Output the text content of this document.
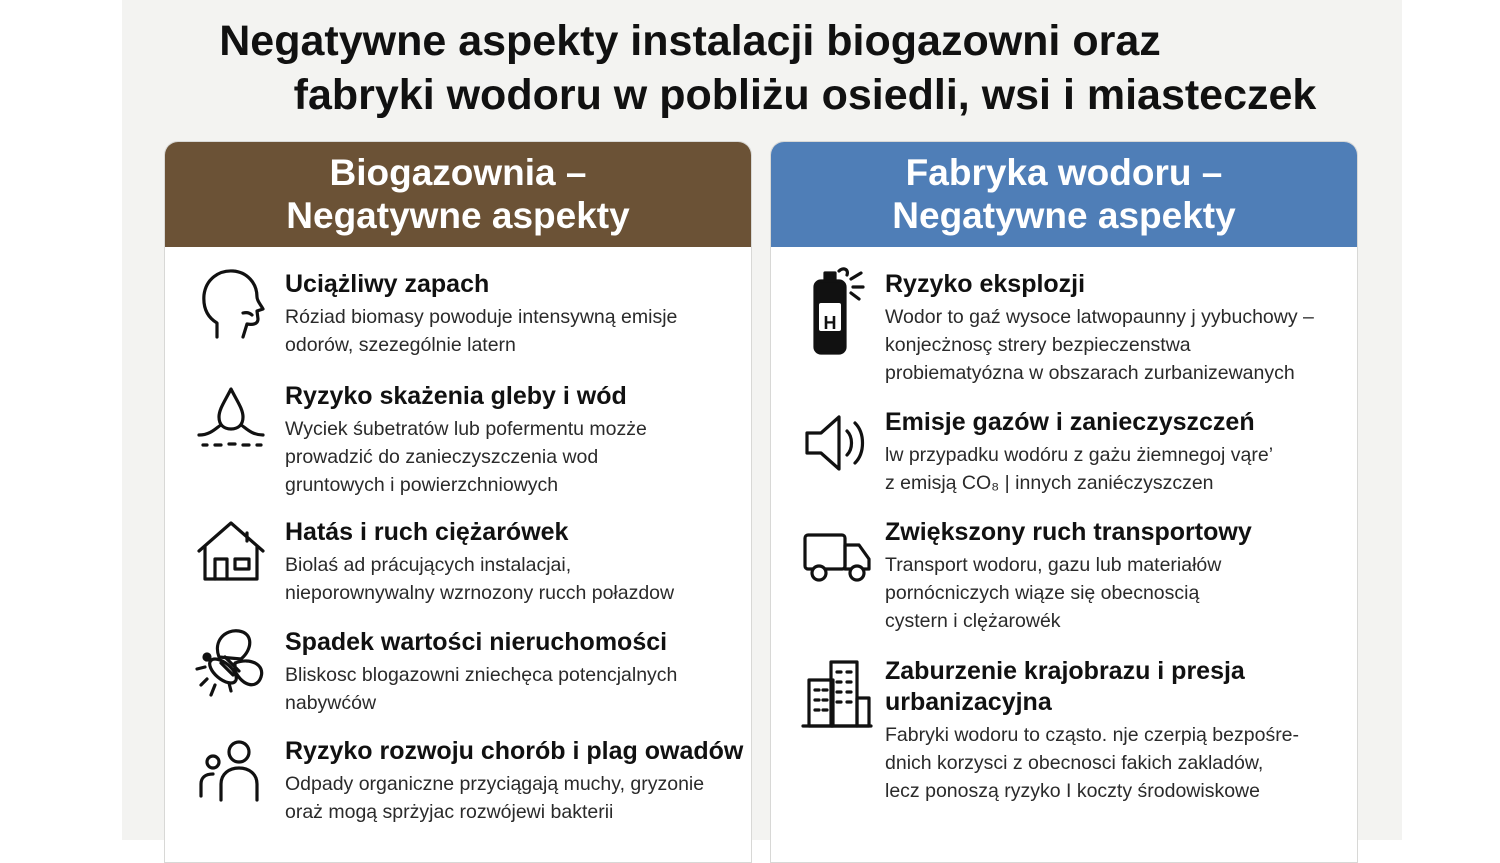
Negatywne aspekty instalacji biogazowni oraz
fabryki wodoru w pobliżu osiedli, wsi i miasteczek
Biogazownia –
Negatywne aspekty
Uciążliwy zapach
Róziad biomasy powoduje intensywną emisje
odorów, szezególnie latern
Ryzyko skażenia gleby i wód
Wyciek śubetratów lub pofermentu mozże
prowadzić do zanieczyszczenia wod
gruntowych i powierzchniowych
Hatás i ruch ciężarówek
Biolaś ad prácujących instalacjai,
nieporownywalny wzrnozony rucch połazdow
Spadek wartości nieruchomości
Bliskosc blogazowni zniechęca potencjalnych
nabywćów
Ryzyko rozwoju chorób i plag owadów
Odpady organiczne przyciągają muchy, gryzonie
oraż mogą sprżyjac rozwójewi bakterii
Fabryka wodoru –
Negatywne aspekty
H
Ryzyko eksplozji
Wodor to gaź wysoce latwopaunny j yybuchowy –
konjecżnosç strery bezpieczenstwa
probiematyózna w obszarach zurbanizewanych
Emisje gazów i zanieczyszczeń
lw przypadku wodóru z gażu żiemnegoj vąre’
z emisją CO₈ | innych zaniéczyszczen
Zwiększony ruch transportowy
Transport wodoru, gazu lub materiałów
pornócniczych wiąze się obecnoscią
cystern i clężarowék
Zaburzenie krajobrazu i presja
urbanizacyjna
Fabryki wodoru to cząsto. nje czerpią bezpośre-
dnich korzysci z obecnosci fakich zakladów,
lecz ponoszą ryzyko I koczty środowiskowe
